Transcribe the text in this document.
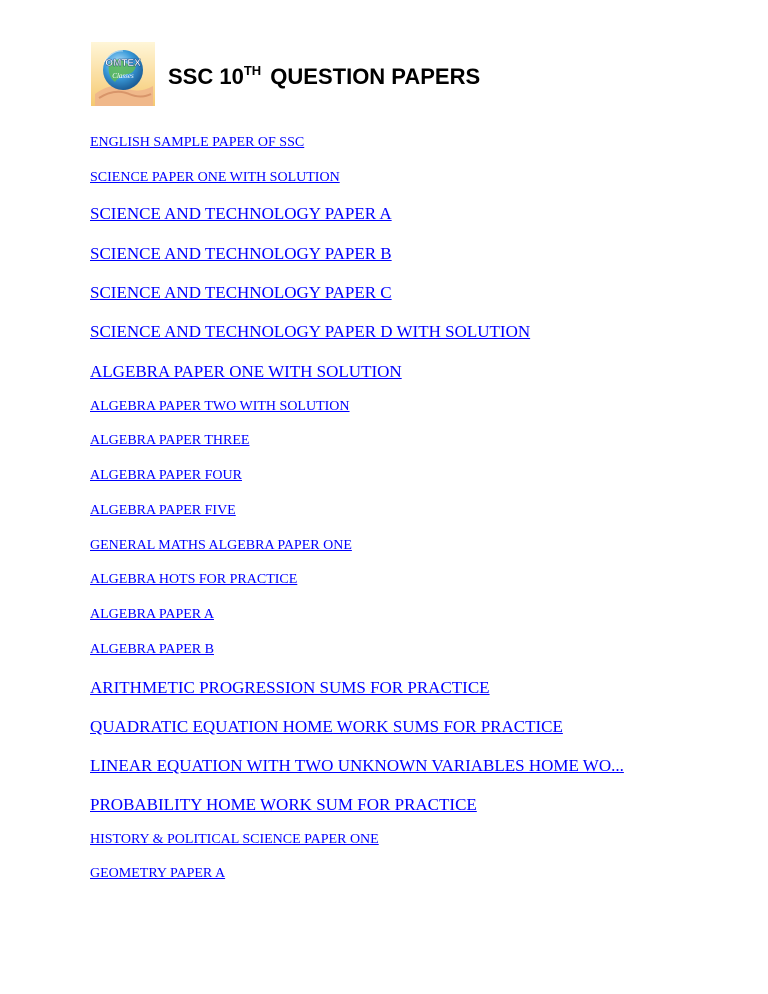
OMTEX
Classes SSC 10TH QUESTION PAPERS
ENGLISH SAMPLE PAPER OF SSC
SCIENCE PAPER ONE WITH SOLUTION
SCIENCE AND TECHNOLOGY PAPER A
SCIENCE AND TECHNOLOGY PAPER B
SCIENCE AND TECHNOLOGY PAPER C
SCIENCE AND TECHNOLOGY PAPER D WITH SOLUTION
ALGEBRA PAPER ONE WITH SOLUTION
ALGEBRA PAPER TWO WITH SOLUTION
ALGEBRA PAPER THREE
ALGEBRA PAPER FOUR
ALGEBRA PAPER FIVE
GENERAL MATHS ALGEBRA PAPER ONE
ALGEBRA HOTS FOR PRACTICE
ALGEBRA PAPER A
ALGEBRA PAPER B
ARITHMETIC PROGRESSION SUMS FOR PRACTICE
QUADRATIC EQUATION HOME WORK SUMS FOR PRACTICE
LINEAR EQUATION WITH TWO UNKNOWN VARIABLES HOME WO...
PROBABILITY HOME WORK SUM FOR PRACTICE
HISTORY & POLITICAL SCIENCE PAPER ONE
GEOMETRY PAPER A
